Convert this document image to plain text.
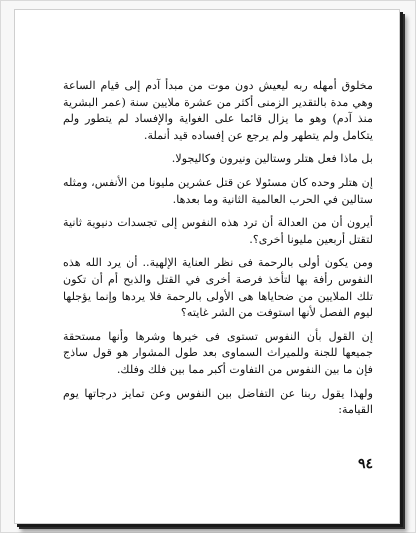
مخلوق أمهله ربه ليعيش دون موت من مبدأ آدم إلى قيام الساعة وهي مدة بالتقدير الزمنى أكثر من عشرة ملايين سنة (عمر البشرية منذ آدم) وهو ما يزال قائما على الغواية والإفساد لم يتطور ولم يتكامل ولم يتطهر ولم يرجع عن إفساده قيد أنملة.

بل ماذا فعل هتلر وستالين ونيرون وكاليجولا.

إن هتلر وحده كان مسئولا عن قتل عشرين مليونا من الأنفس، ومثله ستالين في الحرب العالمية الثانية وما بعدها.

أيرون أن من العدالة أن ترد هذه النفوس إلى تجسدات دنيوية ثانية لتقتل أربعين مليونا أخرى؟.

ومن يكون أولى بالرحمة فى نظر العناية الإلهية.. أن يرد الله هذه النفوس رأفة بها لتأخذ فرصة أخرى في القتل والذبح أم أن تكون تلك الملايين من ضحاياها هى الأولى بالرحمة فلا يردها وإنما يؤجلها ليوم الفصل لأنها استوفت من الشر غايته؟

إن القول بأن النفوس تستوى فى خيرها وشرها وأنها مستحقة جميعها للجنة وللميراث السماوى بعد طول المشوار هو قول ساذج فإن ما بين النفوس من التفاوت أكبر مما بين فلك وفلك.

ولهذا يقول ربنا عن التفاضل بين النفوس وعن تمايز درجاتها يوم القيامة:

٩٤
